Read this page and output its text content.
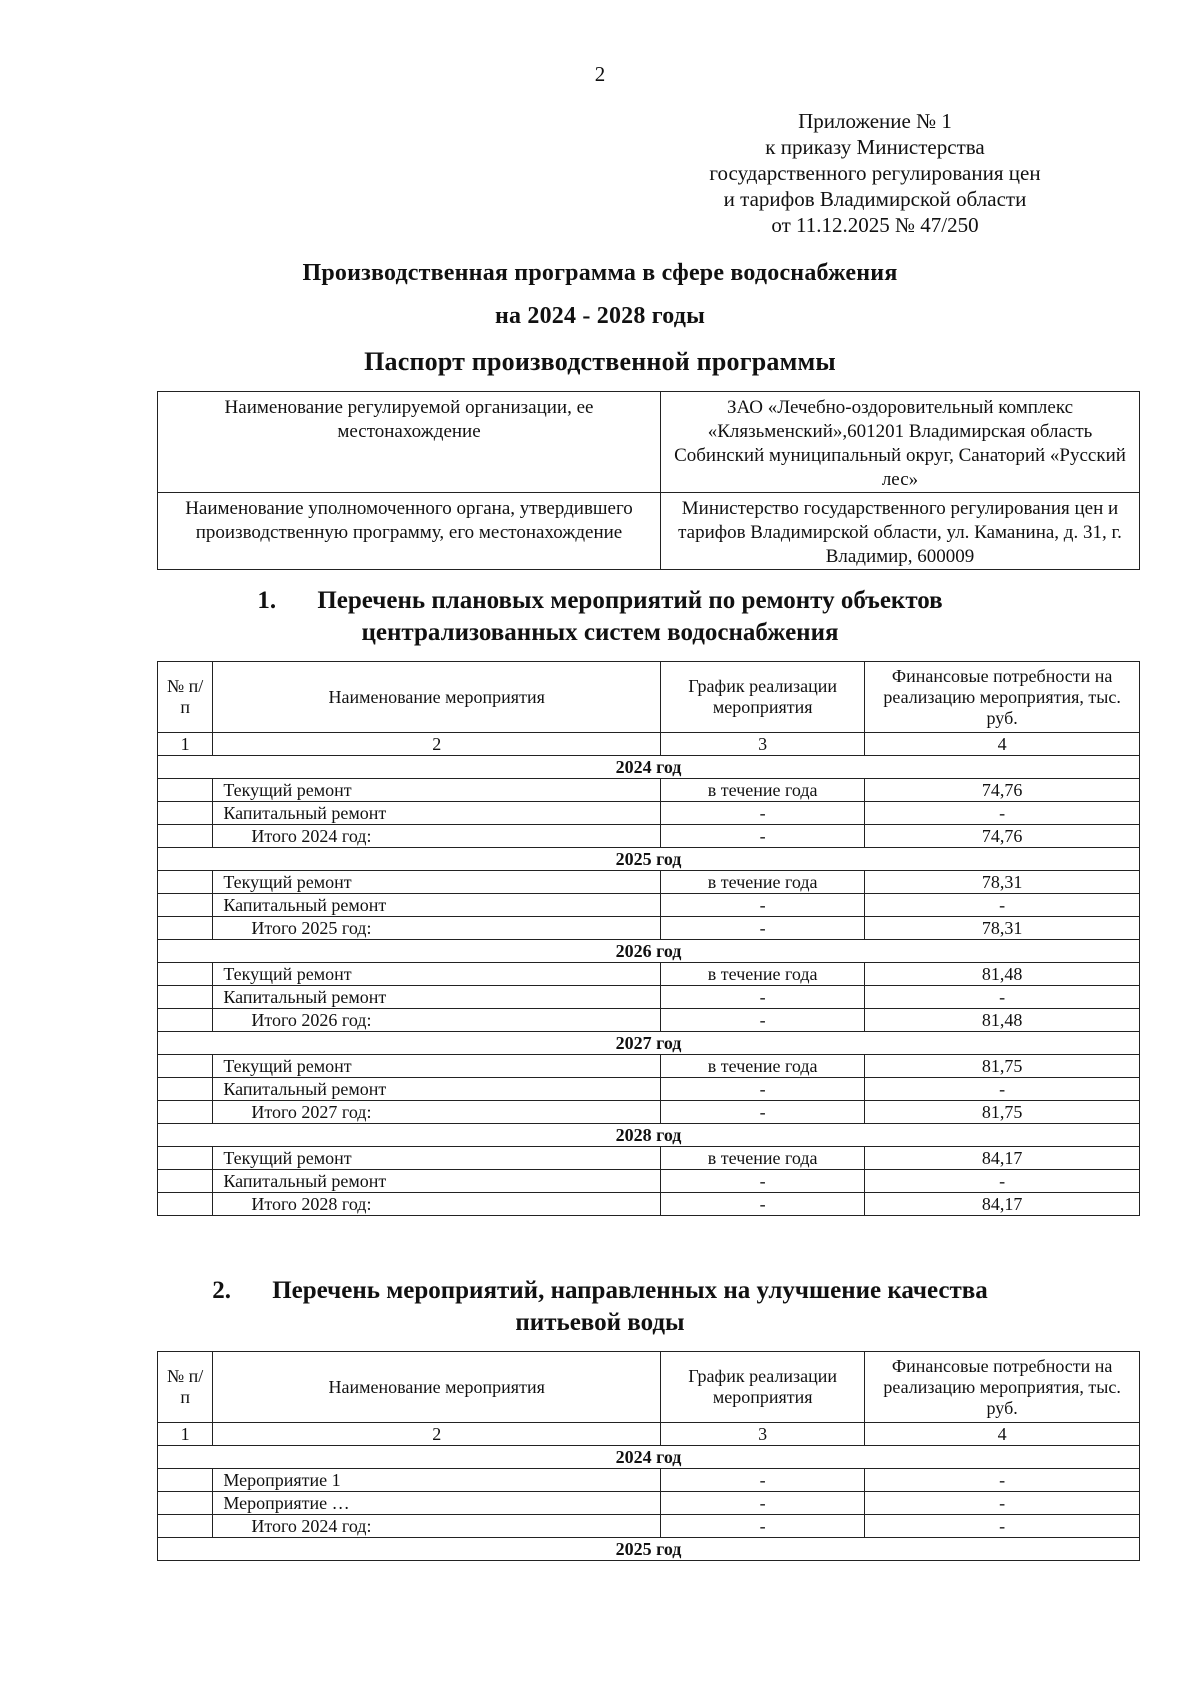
2
Приложение № 1
к приказу Министерства
государственного регулирования цен
и тарифов Владимирской области
от 11.12.2025 № 47/250
Производственная программа в сфере водоснабжения
на 2024 - 2028 годы
Паспорт производственной программы
Наименование регулируемой организации, ее местонахождение	ЗАО «Лечебно-оздоровительный комплекс «Клязьменский»,601201 Владимирская область Собинский муниципальный округ, Санаторий «Русский лес»
Наименование уполномоченного органа, утвердившего производственную программу, его местонахождение	Министерство государственного регулирования цен и тарифов Владимирской области, ул. Каманина, д. 31, г. Владимир, 600009
1. Перечень плановых мероприятий по ремонту объектов централизованных систем водоснабжения
№ п/п	Наименование мероприятия	График реализации мероприятия	Финансовые потребности на реализацию мероприятия, тыс. руб.
1	2	3	4
2024 год			
	Текущий ремонт	в течение года	74,76
	Капитальный ремонт	-	-
	Итого 2024 год:	-	74,76
2025 год			
	Текущий ремонт	в течение года	78,31
	Капитальный ремонт	-	-
	Итого 2025 год:	-	78,31
2026 год			
	Текущий ремонт	в течение года	81,48
	Капитальный ремонт	-	-
	Итого 2026 год:	-	81,48
2027 год			
	Текущий ремонт	в течение года	81,75
	Капитальный ремонт	-	-
	Итого 2027 год:	-	81,75
2028 год			
	Текущий ремонт	в течение года	84,17
	Капитальный ремонт	-	-
	Итого 2028 год:	-	84,17
2. Перечень мероприятий, направленных на улучшение качества питьевой воды
№ п/п	Наименование мероприятия	График реализации мероприятия	Финансовые потребности на реализацию мероприятия, тыс. руб.
1	2	3	4
2024 год			
	Мероприятие 1	-	-
	Мероприятие …	-	-
	Итого 2024 год:	-	-
2025 год			
